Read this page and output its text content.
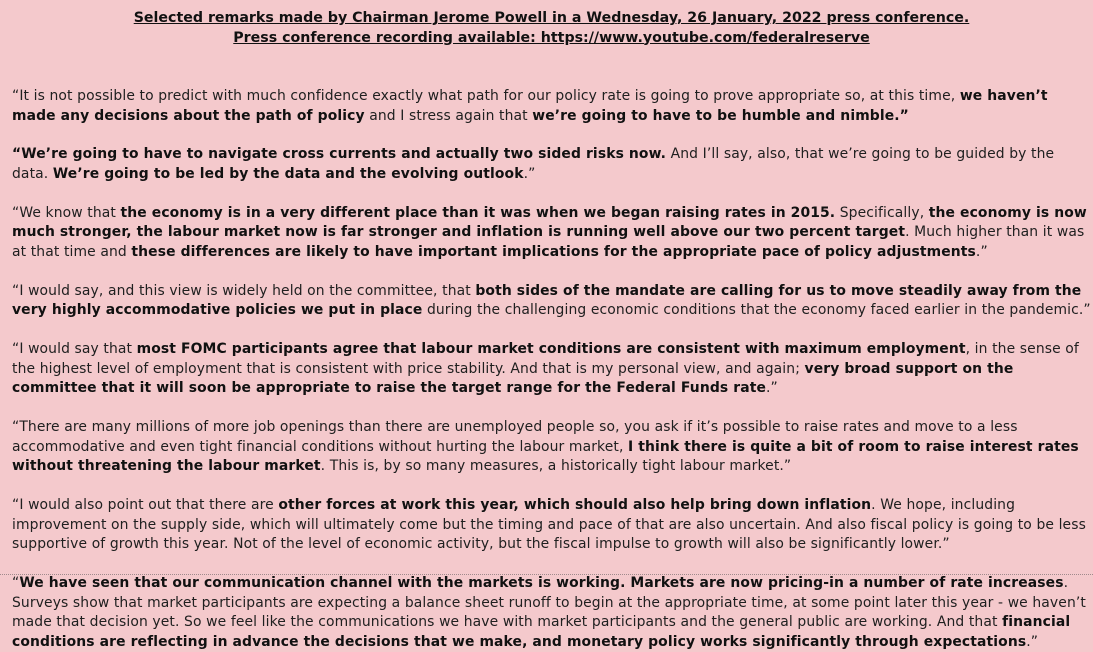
Selected remarks made by Chairman Jerome Powell in a Wednesday, 26 January, 2022 press conference.
Press conference recording available: https://www.youtube.com/federalreserve

“It is not possible to predict with much confidence exactly what path for our policy rate is going to prove appropriate so, at this time, we haven’t made any decisions about the path of policy and I stress again that we’re going to have to be humble and nimble.”

“We’re going to have to navigate cross currents and actually two sided risks now. And I’ll say, also, that we’re going to be guided by the data. We’re going to be led by the data and the evolving outlook.”

“We know that the economy is in a very different place than it was when we began raising rates in 2015. Specifically, the economy is now much stronger, the labour market now is far stronger and inflation is running well above our two percent target. Much higher than it was at that time and these differences are likely to have important implications for the appropriate pace of policy adjustments.”

“I would say, and this view is widely held on the committee, that both sides of the mandate are calling for us to move steadily away from the very highly accommodative policies we put in place during the challenging economic conditions that the economy faced earlier in the pandemic.”

“I would say that most FOMC participants agree that labour market conditions are consistent with maximum employment, in the sense of the highest level of employment that is consistent with price stability. And that is my personal view, and again; very broad support on the committee that it will soon be appropriate to raise the target range for the Federal Funds rate.”

“There are many millions of more job openings than there are unemployed people so, you ask if it’s possible to raise rates and move to a less accommodative and even tight financial conditions without hurting the labour market, I think there is quite a bit of room to raise interest rates without threatening the labour market. This is, by so many measures, a historically tight labour market.”

“I would also point out that there are other forces at work this year, which should also help bring down inflation. We hope, including improvement on the supply side, which will ultimately come but the timing and pace of that are also uncertain. And also fiscal policy is going to be less supportive of growth this year. Not of the level of economic activity, but the fiscal impulse to growth will also be significantly lower.”

“We have seen that our communication channel with the markets is working. Markets are now pricing-in a number of rate increases. Surveys show that market participants are expecting a balance sheet runoff to begin at the appropriate time, at some point later this year - we haven’t made that decision yet. So we feel like the communications we have with market participants and the general public are working. And that financial conditions are reflecting in advance the decisions that we make, and monetary policy works significantly through expectations.”
